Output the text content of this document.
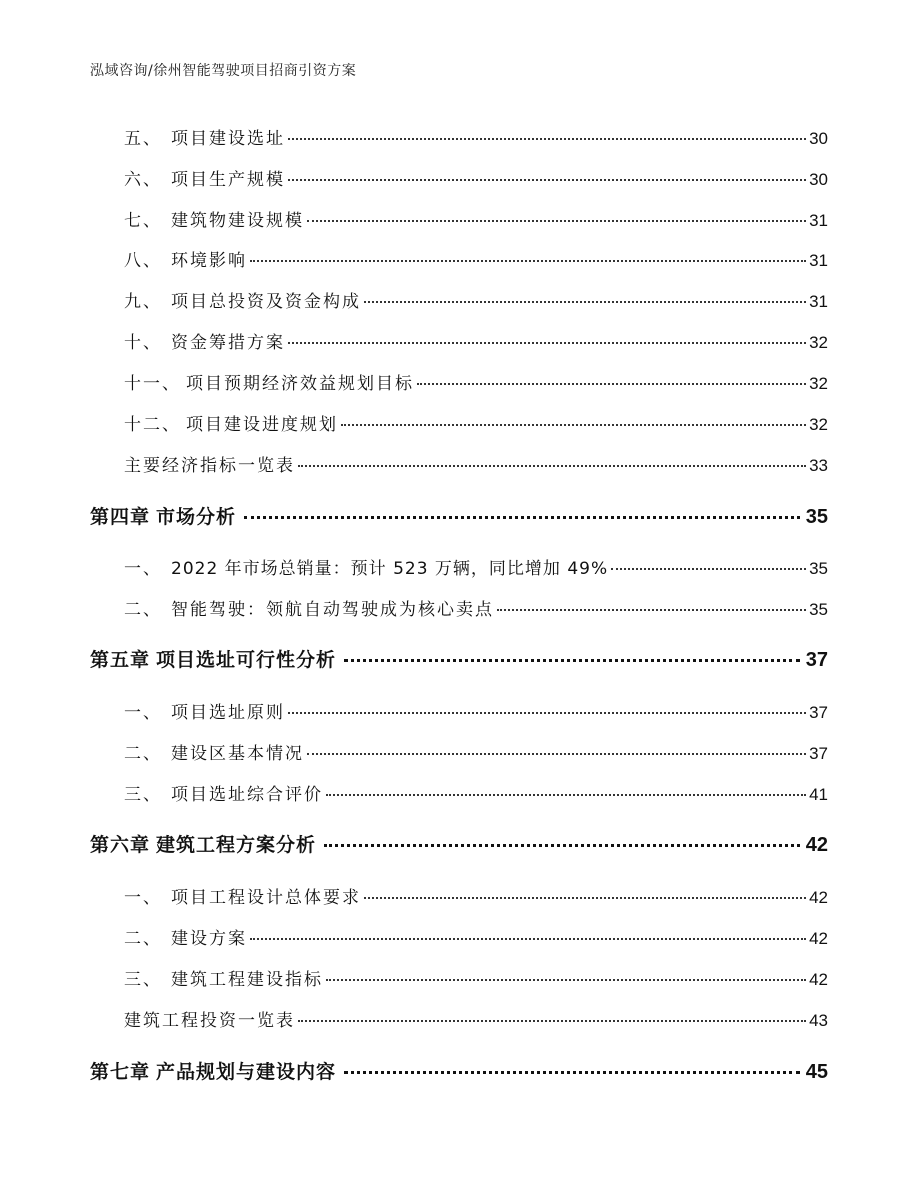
泓域咨询/徐州智能驾驶项目招商引资方案
五、 项目建设选址	30
六、 项目生产规模	30
七、 建筑物建设规模	31
八、 环境影响	31
九、 项目总投资及资金构成	31
十、 资金筹措方案	32
十一、 项目预期经济效益规划目标	32
十二、 项目建设进度规划	32
主要经济指标一览表	33
第四章 市场分析	35
一、 2022 年市场总销量：预计 523 万辆，同比增加 49%	35
二、 智能驾驶：领航自动驾驶成为核心卖点	35
第五章 项目选址可行性分析	37
一、 项目选址原则	37
二、 建设区基本情况	37
三、 项目选址综合评价	41
第六章 建筑工程方案分析	42
一、 项目工程设计总体要求	42
二、 建设方案	42
三、 建筑工程建设指标	42
建筑工程投资一览表	43
第七章 产品规划与建设内容	45
